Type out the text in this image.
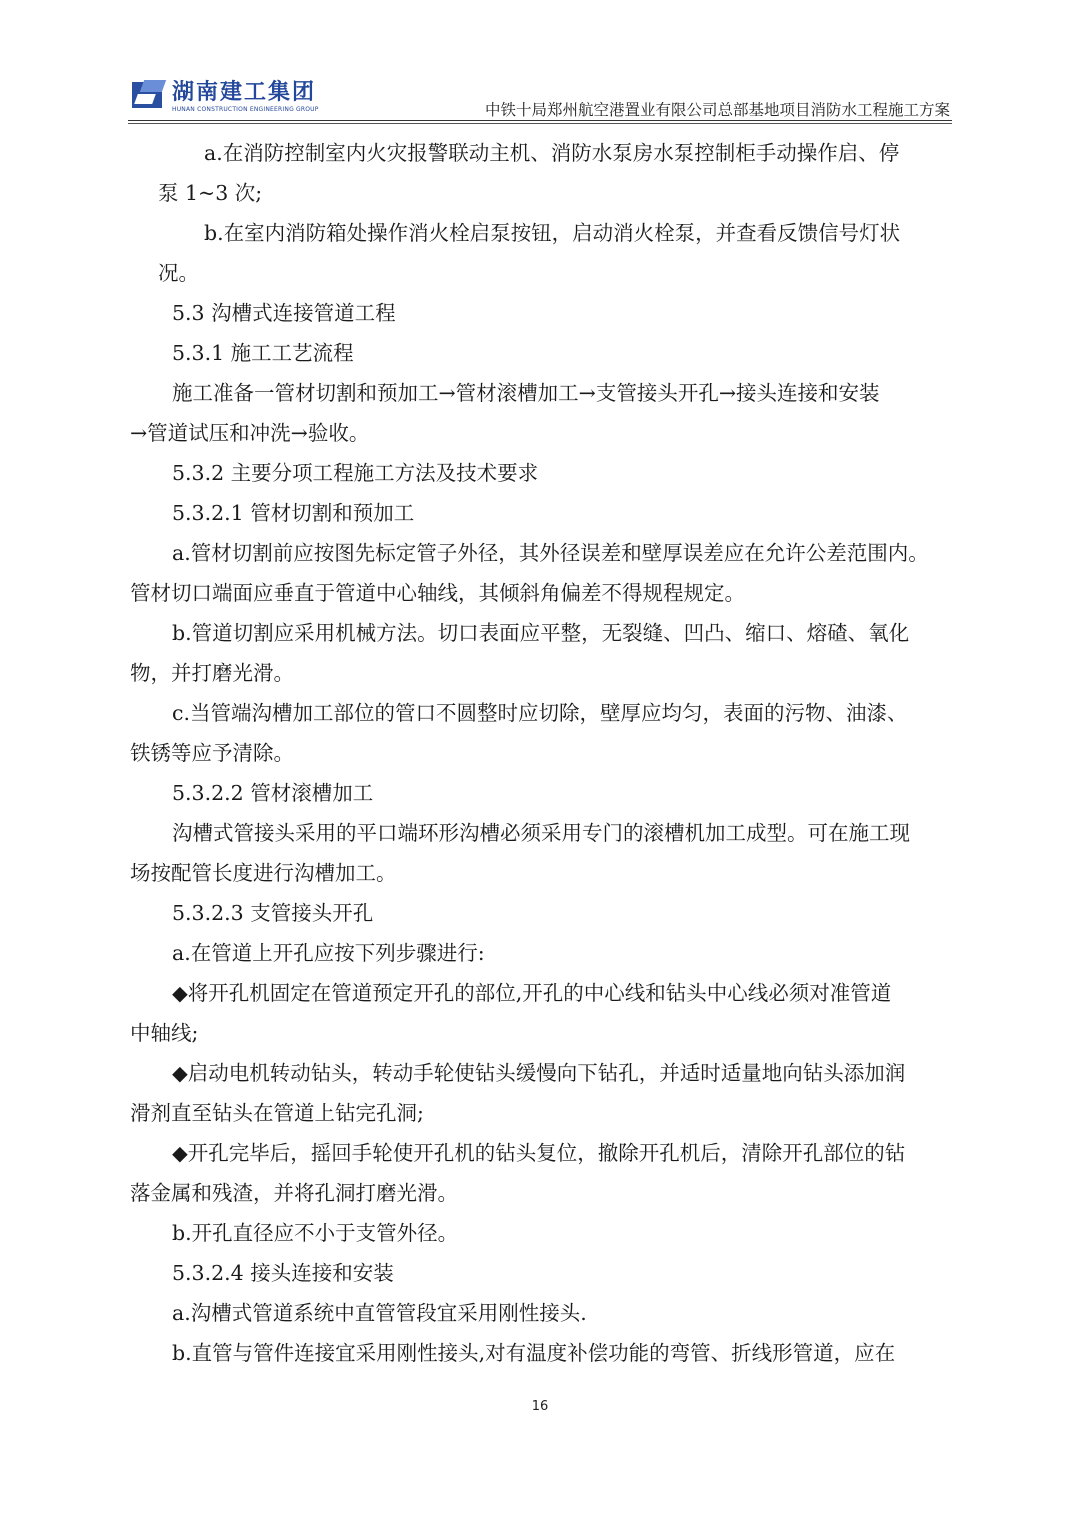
湖南建工集团
HUNAN CONSTRUCTION ENGINEERING GROUP	中铁十局郑州航空港置业有限公司总部基地项目消防水工程施工方案
a.在消防控制室内火灾报警联动主机、消防水泵房水泵控制柜手动操作启、停
泵 1~3 次;
b.在室内消防箱处操作消火栓启泵按钮，启动消火栓泵，并查看反馈信号灯状
况。
5.3 沟槽式连接管道工程
5.3.1 施工工艺流程
施工准备一管材切割和预加工→管材滚槽加工→支管接头开孔→接头连接和安装
→管道试压和冲洗→验收。
5.3.2 主要分项工程施工方法及技术要求
5.3.2.1 管材切割和预加工
a.管材切割前应按图先标定管子外径，其外径误差和壁厚误差应在允许公差范围内。
管材切口端面应垂直于管道中心轴线，其倾斜角偏差不得规程规定。
b.管道切割应采用机械方法。切口表面应平整，无裂缝、凹凸、缩口、熔碴、氧化
物，并打磨光滑。
c.当管端沟槽加工部位的管口不圆整时应切除，壁厚应均匀，表面的污物、油漆、
铁锈等应予清除。
5.3.2.2 管材滚槽加工
沟槽式管接头采用的平口端环形沟槽必须采用专门的滚槽机加工成型。可在施工现
场按配管长度进行沟槽加工。
5.3.2.3 支管接头开孔
a.在管道上开孔应按下列步骤进行:
◆将开孔机固定在管道预定开孔的部位,开孔的中心线和钻头中心线必须对准管道
中轴线;
◆启动电机转动钻头，转动手轮使钻头缓慢向下钻孔，并适时适量地向钻头添加润
滑剂直至钻头在管道上钻完孔洞;
◆开孔完毕后，摇回手轮使开孔机的钻头复位，撤除开孔机后，清除开孔部位的钻
落金属和残渣，并将孔洞打磨光滑。
b.开孔直径应不小于支管外径。
5.3.2.4 接头连接和安装
a.沟槽式管道系统中直管管段宜采用刚性接头.
b.直管与管件连接宜采用刚性接头,对有温度补偿功能的弯管、折线形管道，应在
16
